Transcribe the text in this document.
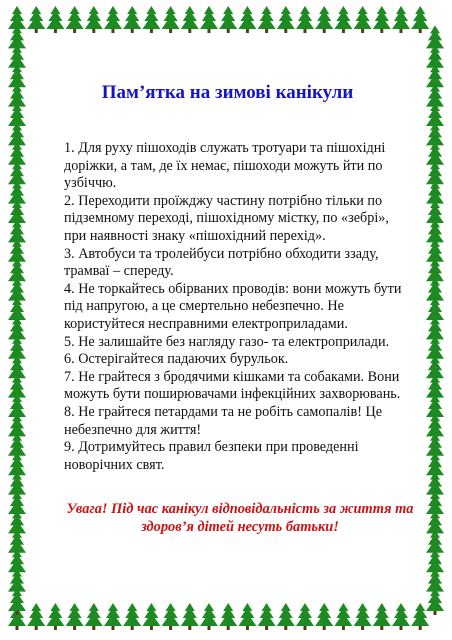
Пам’ятка на зимові канікули
1. Для руху пішоходів служать тротуари та пішохідні доріжки, а там, де їх немає, пішоходи можуть йти по узбіччю.
2. Переходити проїжджу частину потрібно тільки по підземному переході, пішохідному містку, по «зебрі», при наявності знаку «пішохідний перехід».
3. Автобуси та тролейбуси потрібно обходити ззаду, трамваї – спереду.
4. Не торкайтесь обірваних проводів: вони можуть бути під напругою, а це смертельно небезпечно. Не користуйтеся несправними електроприладами.
5. Не залишайте без нагляду газо- та електроприлади.
6. Остерігайтеся падаючих бурульок.
7. Не грайтеся з бродячими кішками та собаками. Вони можуть бути поширювачами інфекційних захворювань.
8. Не грайтеся петардами та не робіть самопалів! Це небезпечно для життя!
9. Дотримуйтесь правил безпеки при проведенні новорічних свят.

Увага! Під час канікул відповідальність за життя та здоров’я дітей несуть батьки!
